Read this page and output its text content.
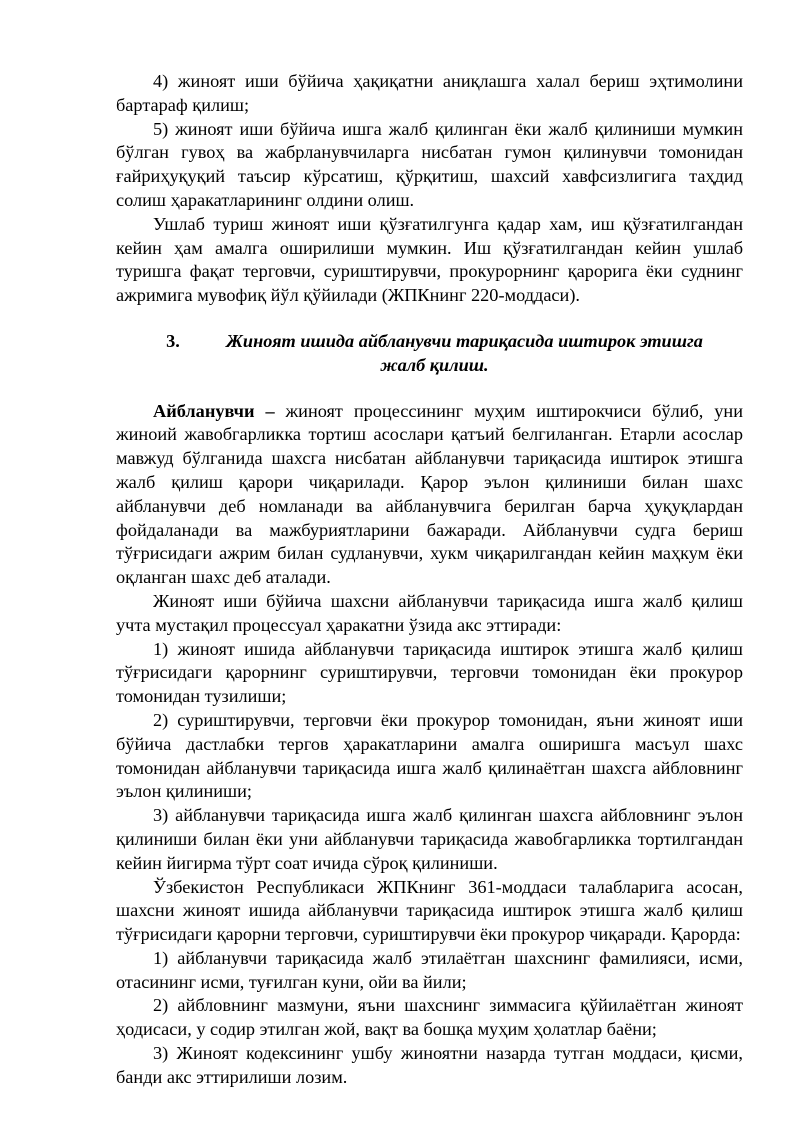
4) жиноят иши бўйича ҳақиқатни аниқлашга халал бериш эҳтимолини бартараф қилиш;

5) жиноят иши бўйича ишга жалб қилинган ёки жалб қилиниши мумкин бўлган гувоҳ ва жабрланувчиларга нисбатан гумон қилинувчи томонидан ғайриҳуқуқий таъсир кўрсатиш, қўрқитиш, шахсий хавфсизлигига таҳдид солиш ҳаракатларининг олдини олиш.

Ушлаб туриш жиноят иши қўзғатилгунга қадар хам, иш қўзғатилгандан кейин ҳам амалга оширилиши мумкин. Иш қўзғатилгандан кейин ушлаб туришга фақат терговчи, суриштирувчи, прокурорнинг қарорига ёки суднинг ажримига мувофиқ йўл қўйилади (ЖПКнинг 220-моддаси).

3.	Жиноят ишида айбланувчи тариқасида иштирок этишга жалб қилиш.

Айбланувчи – жиноят процессининг муҳим иштирокчиси бўлиб, уни жиноий жавобгарликка тортиш асослари қатъий белгиланган. Етарли асослар мавжуд бўлганида шахсга нисбатан айбланувчи тариқасида иштирок этишга жалб қилиш қарори чиқарилади. Қарор эълон қилиниши билан шахс айбланувчи деб номланади ва айбланувчига берилган барча ҳуқуқлардан фойдаланади ва мажбуриятларини бажаради. Айбланувчи судга бериш тўғрисидаги ажрим билан судланувчи, хукм чиқарилгандан кейин маҳкум ёки оқланган шахс деб аталади.

Жиноят иши бўйича шахсни айбланувчи тариқасида ишга жалб қилиш учта мустақил процессуал ҳаракатни ўзида акс эттиради:

1) жиноят ишида айбланувчи тариқасида иштирок этишга жалб қилиш тўғрисидаги қарорнинг суриштирувчи, терговчи томонидан ёки прокурор томонидан тузилиши;

2) суриштирувчи, терговчи ёки прокурор томонидан, яъни жиноят иши бўйича дастлабки тергов ҳаракатларини амалга оширишга масъул шахс томонидан айбланувчи тариқасида ишга жалб қилинаётган шахсга айбловнинг эълон қилиниши;

3) айбланувчи тариқасида ишга жалб қилинган шахсга айбловнинг эълон қилиниши билан ёки уни айбланувчи тариқасида жавобгарликка тортилгандан кейин йигирма тўрт соат ичида сўроқ қилиниши.

Ўзбекистон Республикаси ЖПКнинг 361-моддаси талабларига асосан, шахсни жиноят ишида айбланувчи тариқасида иштирок этишга жалб қилиш тўғрисидаги қарорни терговчи, суриштирувчи ёки прокурор чиқаради. Қарорда:

1) айбланувчи тариқасида жалб этилаётган шахснинг фамилияси, исми, отасининг исми, туғилган куни, ойи ва йили;

2) айбловнинг мазмуни, яъни шахснинг зиммасига қўйилаётган жиноят ҳодисаси, у содир этилган жой, вақт ва бошқа муҳим ҳолатлар баёни;

3) Жиноят кодексининг ушбу жиноятни назарда тутган моддаси, қисми, банди акс эттирилиши лозим.
